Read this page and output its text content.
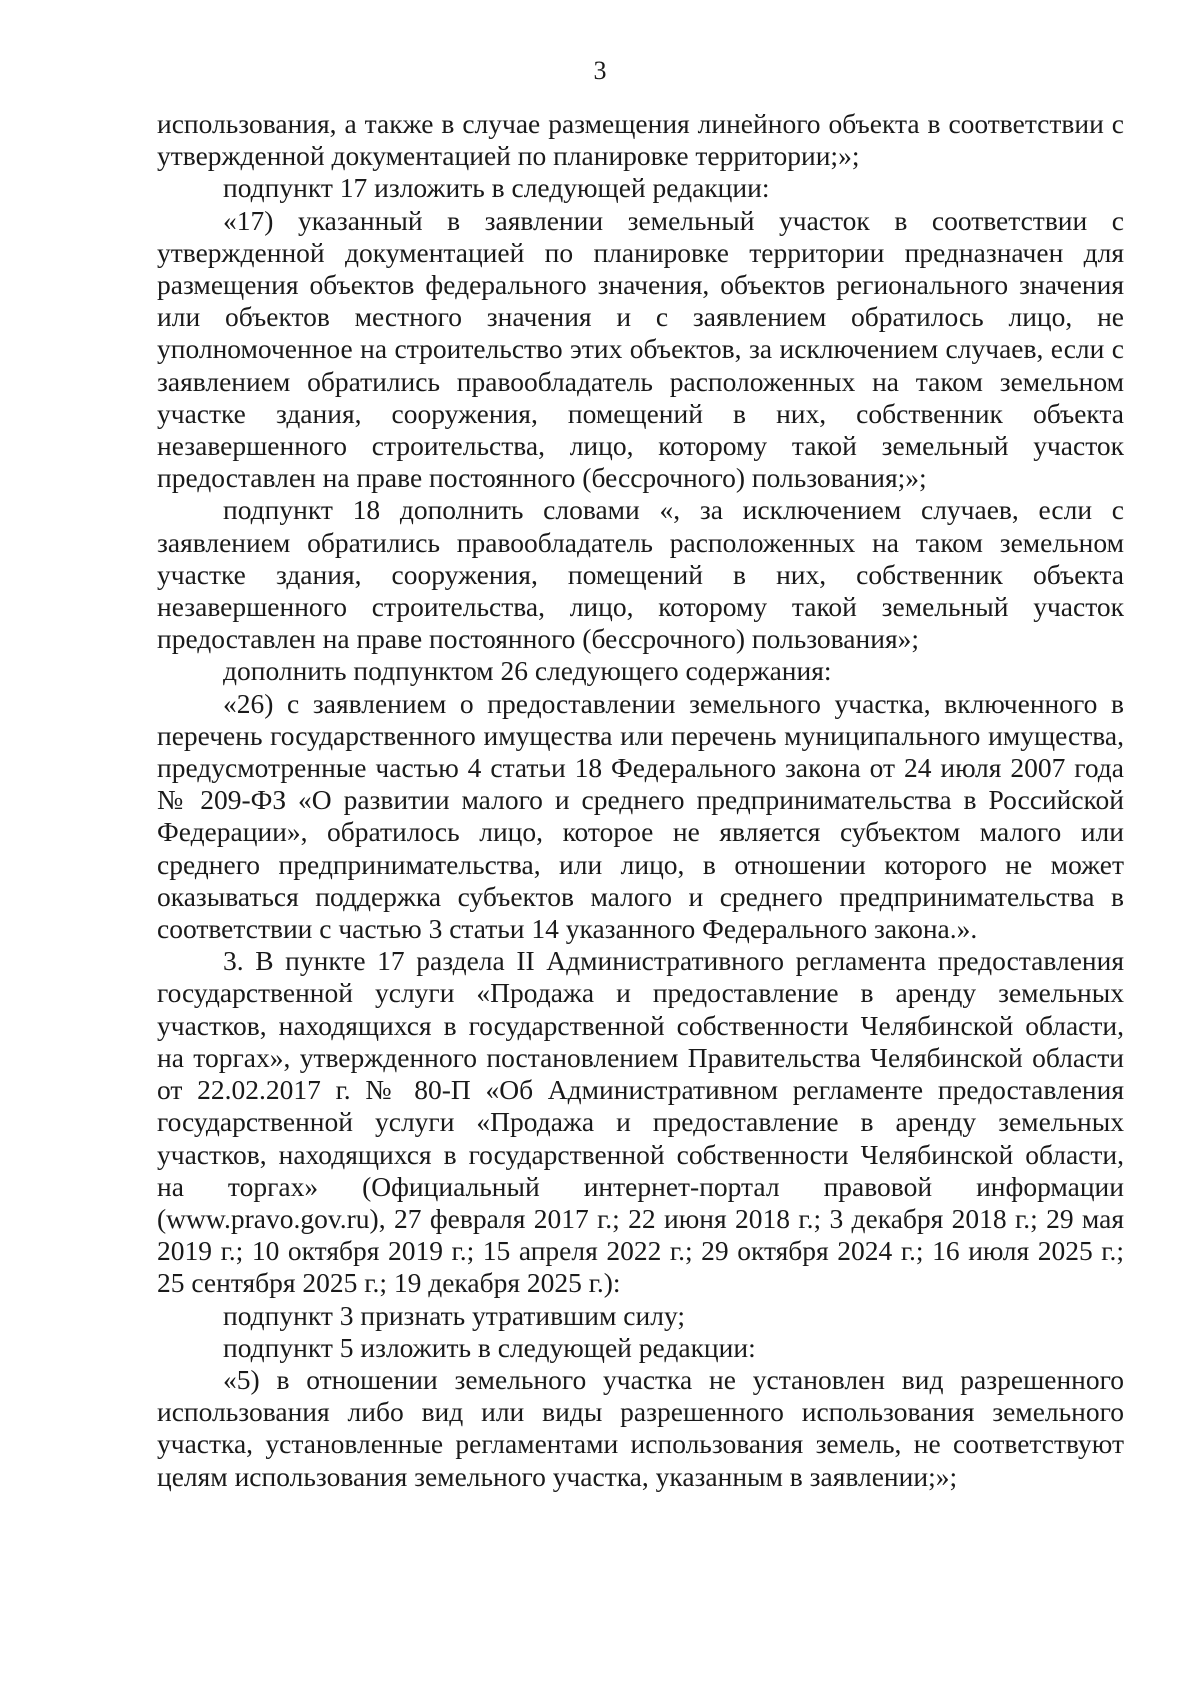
3

использования, а также в случае размещения линейного объекта в соответствии с утвержденной документацией по планировке территории;»;

подпункт 17 изложить в следующей редакции:

«17) указанный в заявлении земельный участок в соответствии с утвержденной документацией по планировке территории предназначен для размещения объектов федерального значения, объектов регионального значения или объектов местного значения и с заявлением обратилось лицо, не уполномоченное на строительство этих объектов, за исключением случаев, если с заявлением обратились правообладатель расположенных на таком земельном участке здания, сооружения, помещений в них, собственник объекта незавершенного строительства, лицо, которому такой земельный участок предоставлен на праве постоянного (бессрочного) пользования;»;

подпункт 18 дополнить словами «, за исключением случаев, если с заявлением обратились правообладатель расположенных на таком земельном участке здания, сооружения, помещений в них, собственник объекта незавершенного строительства, лицо, которому такой земельный участок предоставлен на праве постоянного (бессрочного) пользования»;

дополнить подпунктом 26 следующего содержания:

«26) с заявлением о предоставлении земельного участка, включенного в перечень государственного имущества или перечень муниципального имущества, предусмотренные частью 4 статьи 18 Федерального закона от 24 июля 2007 года № 209-ФЗ «О развитии малого и среднего предпринимательства в Российской Федерации», обратилось лицо, которое не является субъектом малого или среднего предпринимательства, или лицо, в отношении которого не может оказываться поддержка субъектов малого и среднего предпринимательства в соответствии с частью 3 статьи 14 указанного Федерального закона.».

3. В пункте 17 раздела II Административного регламента предоставления государственной услуги «Продажа и предоставление в аренду земельных участков, находящихся в государственной собственности Челябинской области, на торгах», утвержденного постановлением Правительства Челябинской области от 22.02.2017 г. № 80-П «Об Административном регламенте предоставления государственной услуги «Продажа и предоставление в аренду земельных участков, находящихся в государственной собственности Челябинской области, на торгах» (Официальный интернет-портал правовой информации (www.pravo.gov.ru), 27 февраля 2017 г.; 22 июня 2018 г.; 3 декабря 2018 г.; 29 мая 2019 г.; 10 октября 2019 г.; 15 апреля 2022 г.; 29 октября 2024 г.; 16 июля 2025 г.; 25 сентября 2025 г.; 19 декабря 2025 г.):

подпункт 3 признать утратившим силу;

подпункт 5 изложить в следующей редакции:

«5) в отношении земельного участка не установлен вид разрешенного использования либо вид или виды разрешенного использования земельного участка, установленные регламентами использования земель, не соответствуют целям использования земельного участка, указанным в заявлении;»;
